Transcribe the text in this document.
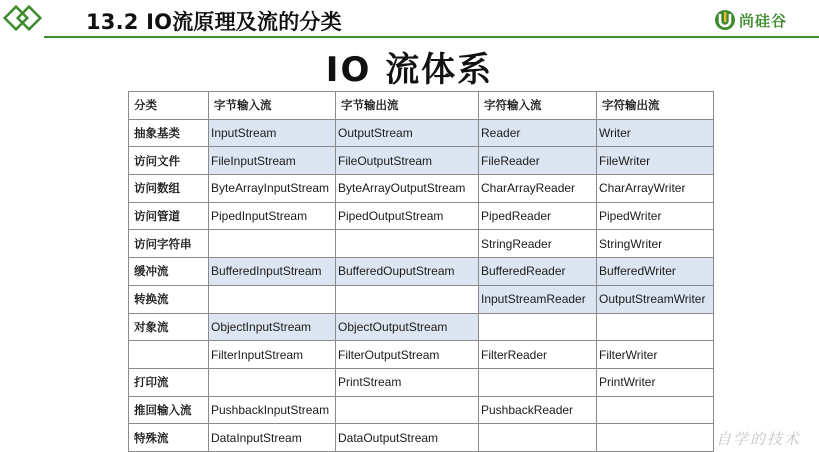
13.2 IO流原理及流的分类	尚硅谷
IO 流体系
分类	字节输入流	字节输出流	字符输入流	字符输出流
抽象基类	InputStream	OutputStream	Reader	Writer
访问文件	FileInputStream	FileOutputStream	FileReader	FileWriter
访问数组	ByteArrayInputStream	ByteArrayOutputStream	CharArrayReader	CharArrayWriter
访问管道	PipedInputStream	PipedOutputStream	PipedReader	PipedWriter
访问字符串			StringReader	StringWriter
缓冲流	BufferedInputStream	BufferedOuputStream	BufferedReader	BufferedWriter
转换流			InputStreamReader	OutputStreamWriter
对象流	ObjectInputStream	ObjectOutputStream		
	FilterInputStream	FilterOutputStream	FilterReader	FilterWriter
打印流		PrintStream		PrintWriter
推回输入流	PushbackInputStream		PushbackReader	
特殊流	DataInputStream	DataOutputStream			自学的技术
